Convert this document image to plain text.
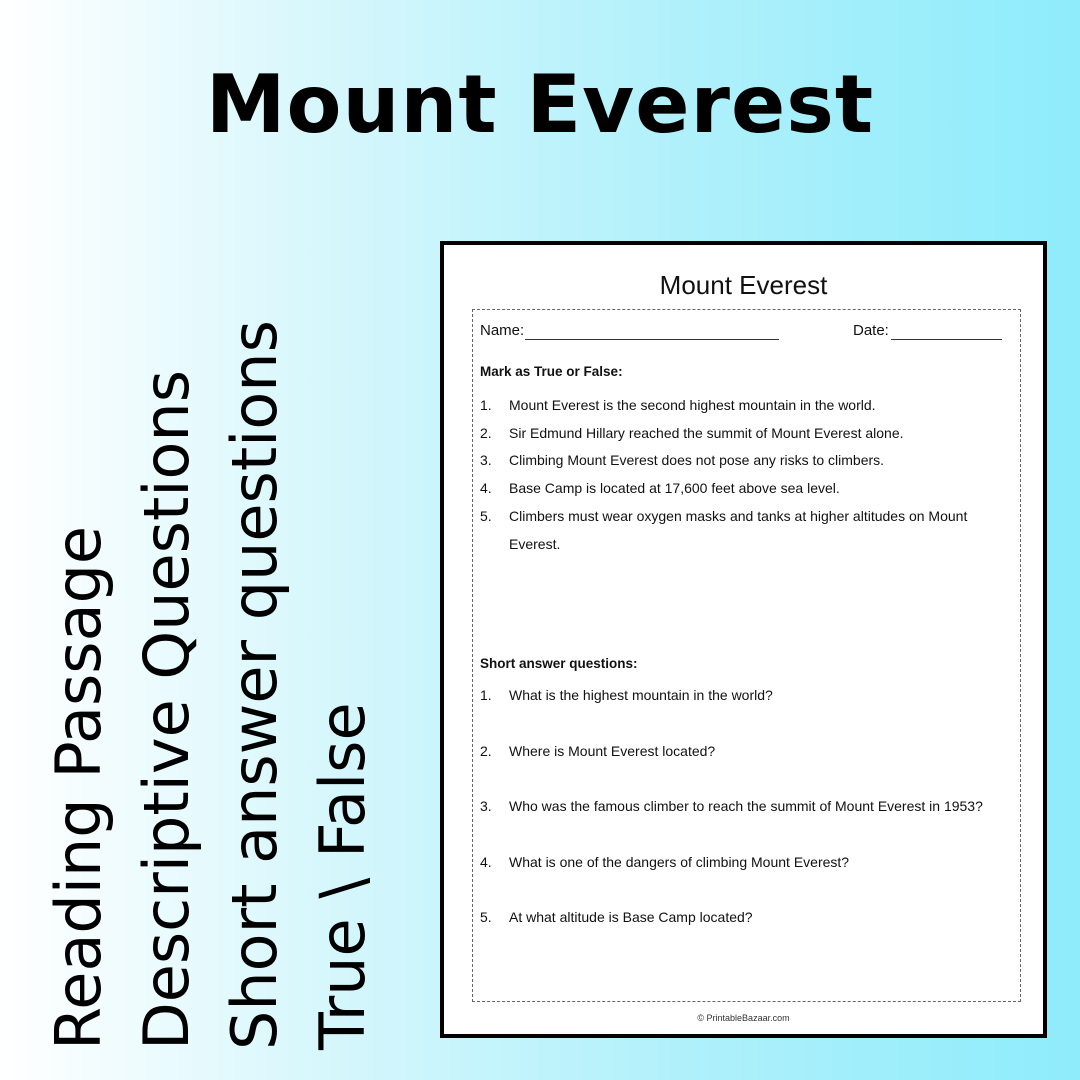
Mount Everest
Reading Passage Descriptive Questions Short answer questions True \ False
Mount Everest
Name:	Date:
Mark as True or False:
1.	Mount Everest is the second highest mountain in the world.
2.	Sir Edmund Hillary reached the summit of Mount Everest alone.
3.	Climbing Mount Everest does not pose any risks to climbers.
4.	Base Camp is located at 17,600 feet above sea level.
5.	Climbers must wear oxygen masks and tanks at higher altitudes on Mount Everest.
Short answer questions:
1.	What is the highest mountain in the world?
2.	Where is Mount Everest located?
3.	Who was the famous climber to reach the summit of Mount Everest in 1953?
4.	What is one of the dangers of climbing Mount Everest?
5.	At what altitude is Base Camp located?
© PrintableBazaar.com
